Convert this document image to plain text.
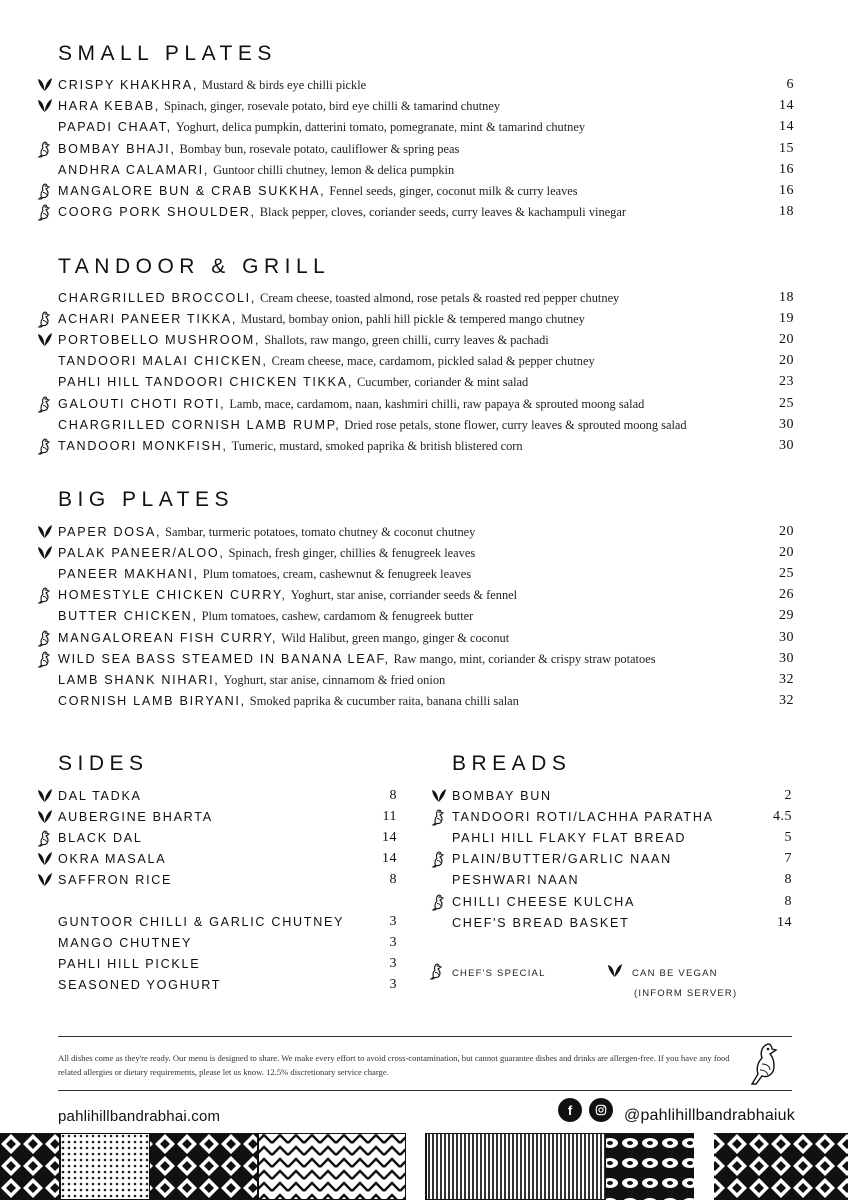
SMALL PLATES
CRISPY KHAKHRA, Mustard & birds eye chilli pickle	6
HARA KEBAB, Spinach, ginger, rosevale potato, bird eye chilli & tamarind chutney	14
PAPADI CHAAT, Yoghurt, delica pumpkin, datterini tomato, pomegranate, mint & tamarind chutney	14
BOMBAY BHAJI, Bombay bun, rosevale potato, cauliflower & spring peas	15
ANDHRA CALAMARI, Guntoor chilli chutney, lemon & delica pumpkin	16
MANGALORE BUN & CRAB SUKKHA, Fennel seeds, ginger, coconut milk & curry leaves	16
COORG PORK SHOULDER, Black pepper, cloves, coriander seeds, curry leaves & kachampuli vinegar	18
TANDOOR & GRILL
CHARGRILLED BROCCOLI, Cream cheese, toasted almond, rose petals & roasted red pepper chutney	18
ACHARI PANEER TIKKA, Mustard, bombay onion, pahli hill pickle & tempered mango chutney	19
PORTOBELLO MUSHROOM, Shallots, raw mango, green chilli, curry leaves & pachadi	20
TANDOORI MALAI CHICKEN, Cream cheese, mace, cardamom, pickled salad & pepper chutney	20
PAHLI HILL TANDOORI CHICKEN TIKKA, Cucumber, coriander & mint salad	23
GALOUTI CHOTI ROTI, Lamb, mace, cardamom, naan, kashmiri chilli, raw papaya & sprouted moong salad	25
CHARGRILLED CORNISH LAMB RUMP, Dried rose petals, stone flower, curry leaves & sprouted moong salad	30
TANDOORI MONKFISH, Tumeric, mustard, smoked paprika & british blistered corn	30
BIG PLATES
PAPER DOSA, Sambar, turmeric potatoes, tomato chutney & coconut chutney	20
PALAK PANEER/ALOO, Spinach, fresh ginger, chillies & fenugreek leaves	20
PANEER MAKHANI, Plum tomatoes, cream, cashewnut & fenugreek leaves	25
HOMESTYLE CHICKEN CURRY, Yoghurt, star anise, corriander seeds & fennel	26
BUTTER CHICKEN, Plum tomatoes, cashew, cardamom & fenugreek butter	29
MANGALOREAN FISH CURRY, Wild Halibut, green mango, ginger & coconut	30
WILD SEA BASS STEAMED IN BANANA LEAF, Raw mango, mint, coriander & crispy straw potatoes	30
LAMB SHANK NIHARI, Yoghurt, star anise, cinnamom & fried onion	32
CORNISH LAMB BIRYANI, Smoked paprika & cucumber raita, banana chilli salan	32
SIDES
DAL TADKA	8
AUBERGINE BHARTA	11
BLACK DAL	14
OKRA MASALA	14
SAFFRON RICE	8
GUNTOOR CHILLI & GARLIC CHUTNEY	3
MANGO CHUTNEY	3
PAHLI HILL PICKLE	3
SEASONED YOGHURT	3
BREADS
BOMBAY BUN	2
TANDOORI ROTI/LACHHA PARATHA	4.5
PAHLI HILL FLAKY FLAT BREAD	5
PLAIN/BUTTER/GARLIC NAAN	7
PESHWARI NAAN	8
CHILLI CHEESE KULCHA	8
CHEF'S BREAD BASKET	14
CHEF'S SPECIAL	CAN BE VEGAN
(INFORM SERVER)
All dishes come as they're ready. Our menu is designed to share. We make every effort to avoid cross-contamination, but cannot guarantee dishes and drinks are allergen-free. If you have any food related allergies or dietary requirements, please let us know. 12.5% discretionary service charge.
pahlihillbandrabhai.com	f	@pahlihillbandrabhaiuk
